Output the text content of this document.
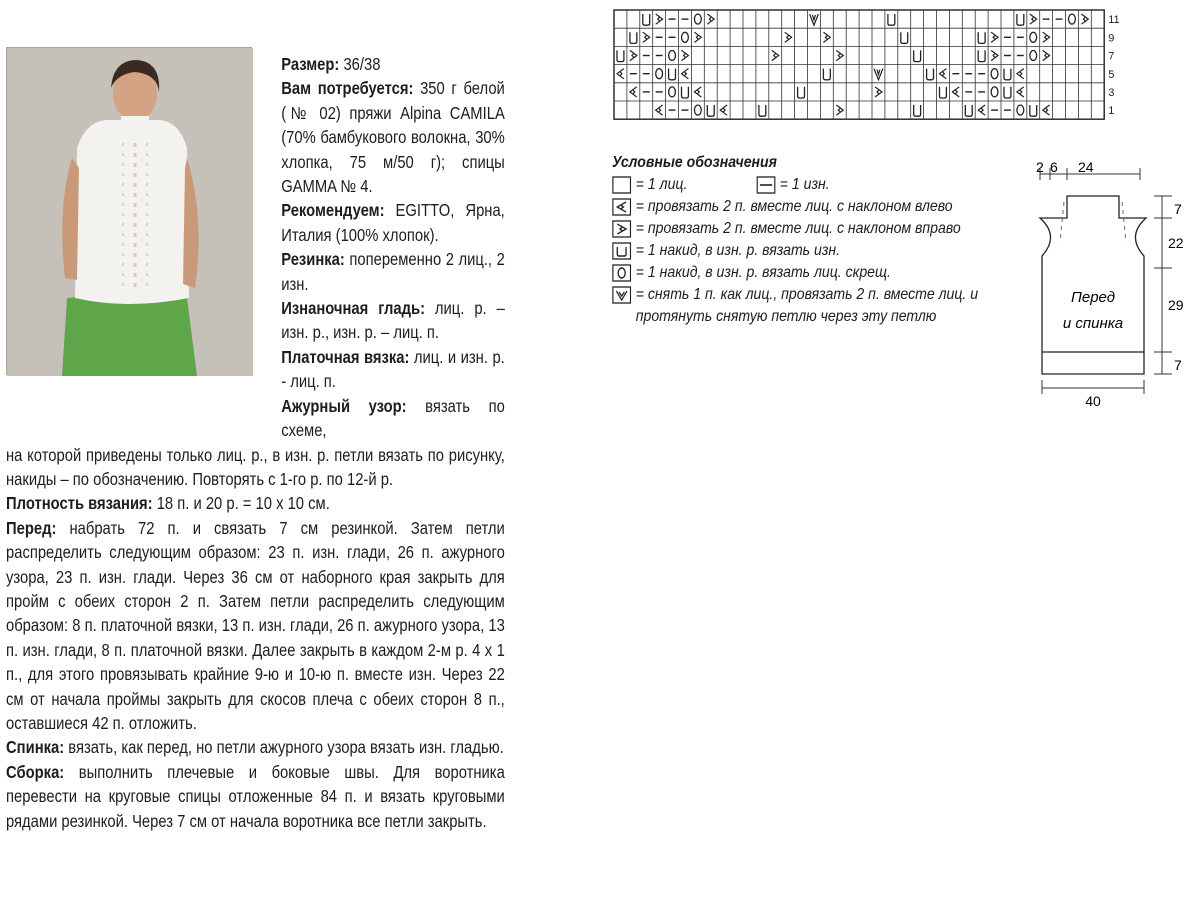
Размер: 36/38

Вам потребуется: 350 г белой (№ 02) пряжи Alpina CAMILA (70% бамбукового волокна, 30% хлопка, 75 м/50 г); спицы GAMMA № 4.

Рекомендуем: EGITTO, Ярна, Италия (100% хлопок).

Резинка: попеременно 2 лиц., 2 изн.

Изнаночная гладь: лиц. р. – изн. р., изн. р. – лиц. п.

Платочная вязка: лиц. и изн. р. - лиц. п.

Ажурный узор: вязать по схеме,

на которой приведены только лиц. р., в изн. р. петли вязать по рисунку, накиды – по обозначению. Повторять с 1-го р. по 12-й р.

Плотность вязания: 18 п. и 20 р. = 10 х 10 см.

Перед: набрать 72 п. и связать 7 см резинкой. Затем петли распределить следующим образом: 23 п. изн. глади, 26 п. ажурного узора, 23 п. изн. глади. Через 36 см от наборного края закрыть для пройм с обеих сторон 2 п. Затем петли распределить следующим образом: 8 п. платочной вязки, 13 п. изн. глади, 26 п. ажурного узора, 13 п. изн. глади, 8 п. платочной вязки. Далее закрыть в каждом 2-м р. 4 х 1 п., для этого провязывать крайние 9-ю и 10-ю п. вместе изн. Через 22 см от начала проймы закрыть для скосов плеча с обеих сторон 8 п., оставшиеся 42 п. отложить.

Спинка: вязать, как перед, но петли ажурного узора вязать изн. гладью.

Сборка: выполнить плечевые и боковые швы. Для воротника перевести на круговые спицы отложенные 84 п. и вязать круговыми рядами резинкой. Через 7 см от начала воротника все петли закрыть.

11
9
7
5
3
1
Условные обозначения
= 1 лиц.	= 1 изн.
= провязать 2 п. вместе лиц. с наклоном влево
= провязать 2 п. вместе лиц. с наклоном вправо
= 1 накид, в изн. р. вязать изн.
= 1 накид, в изн. р. вязать лиц. скрещ.
= снять 1 п. как лиц., провязать 2 п. вместе лиц. и протянуть снятую петлю через эту петлю
2 6 24
Перед
и спинка
7
22
29
7
40
